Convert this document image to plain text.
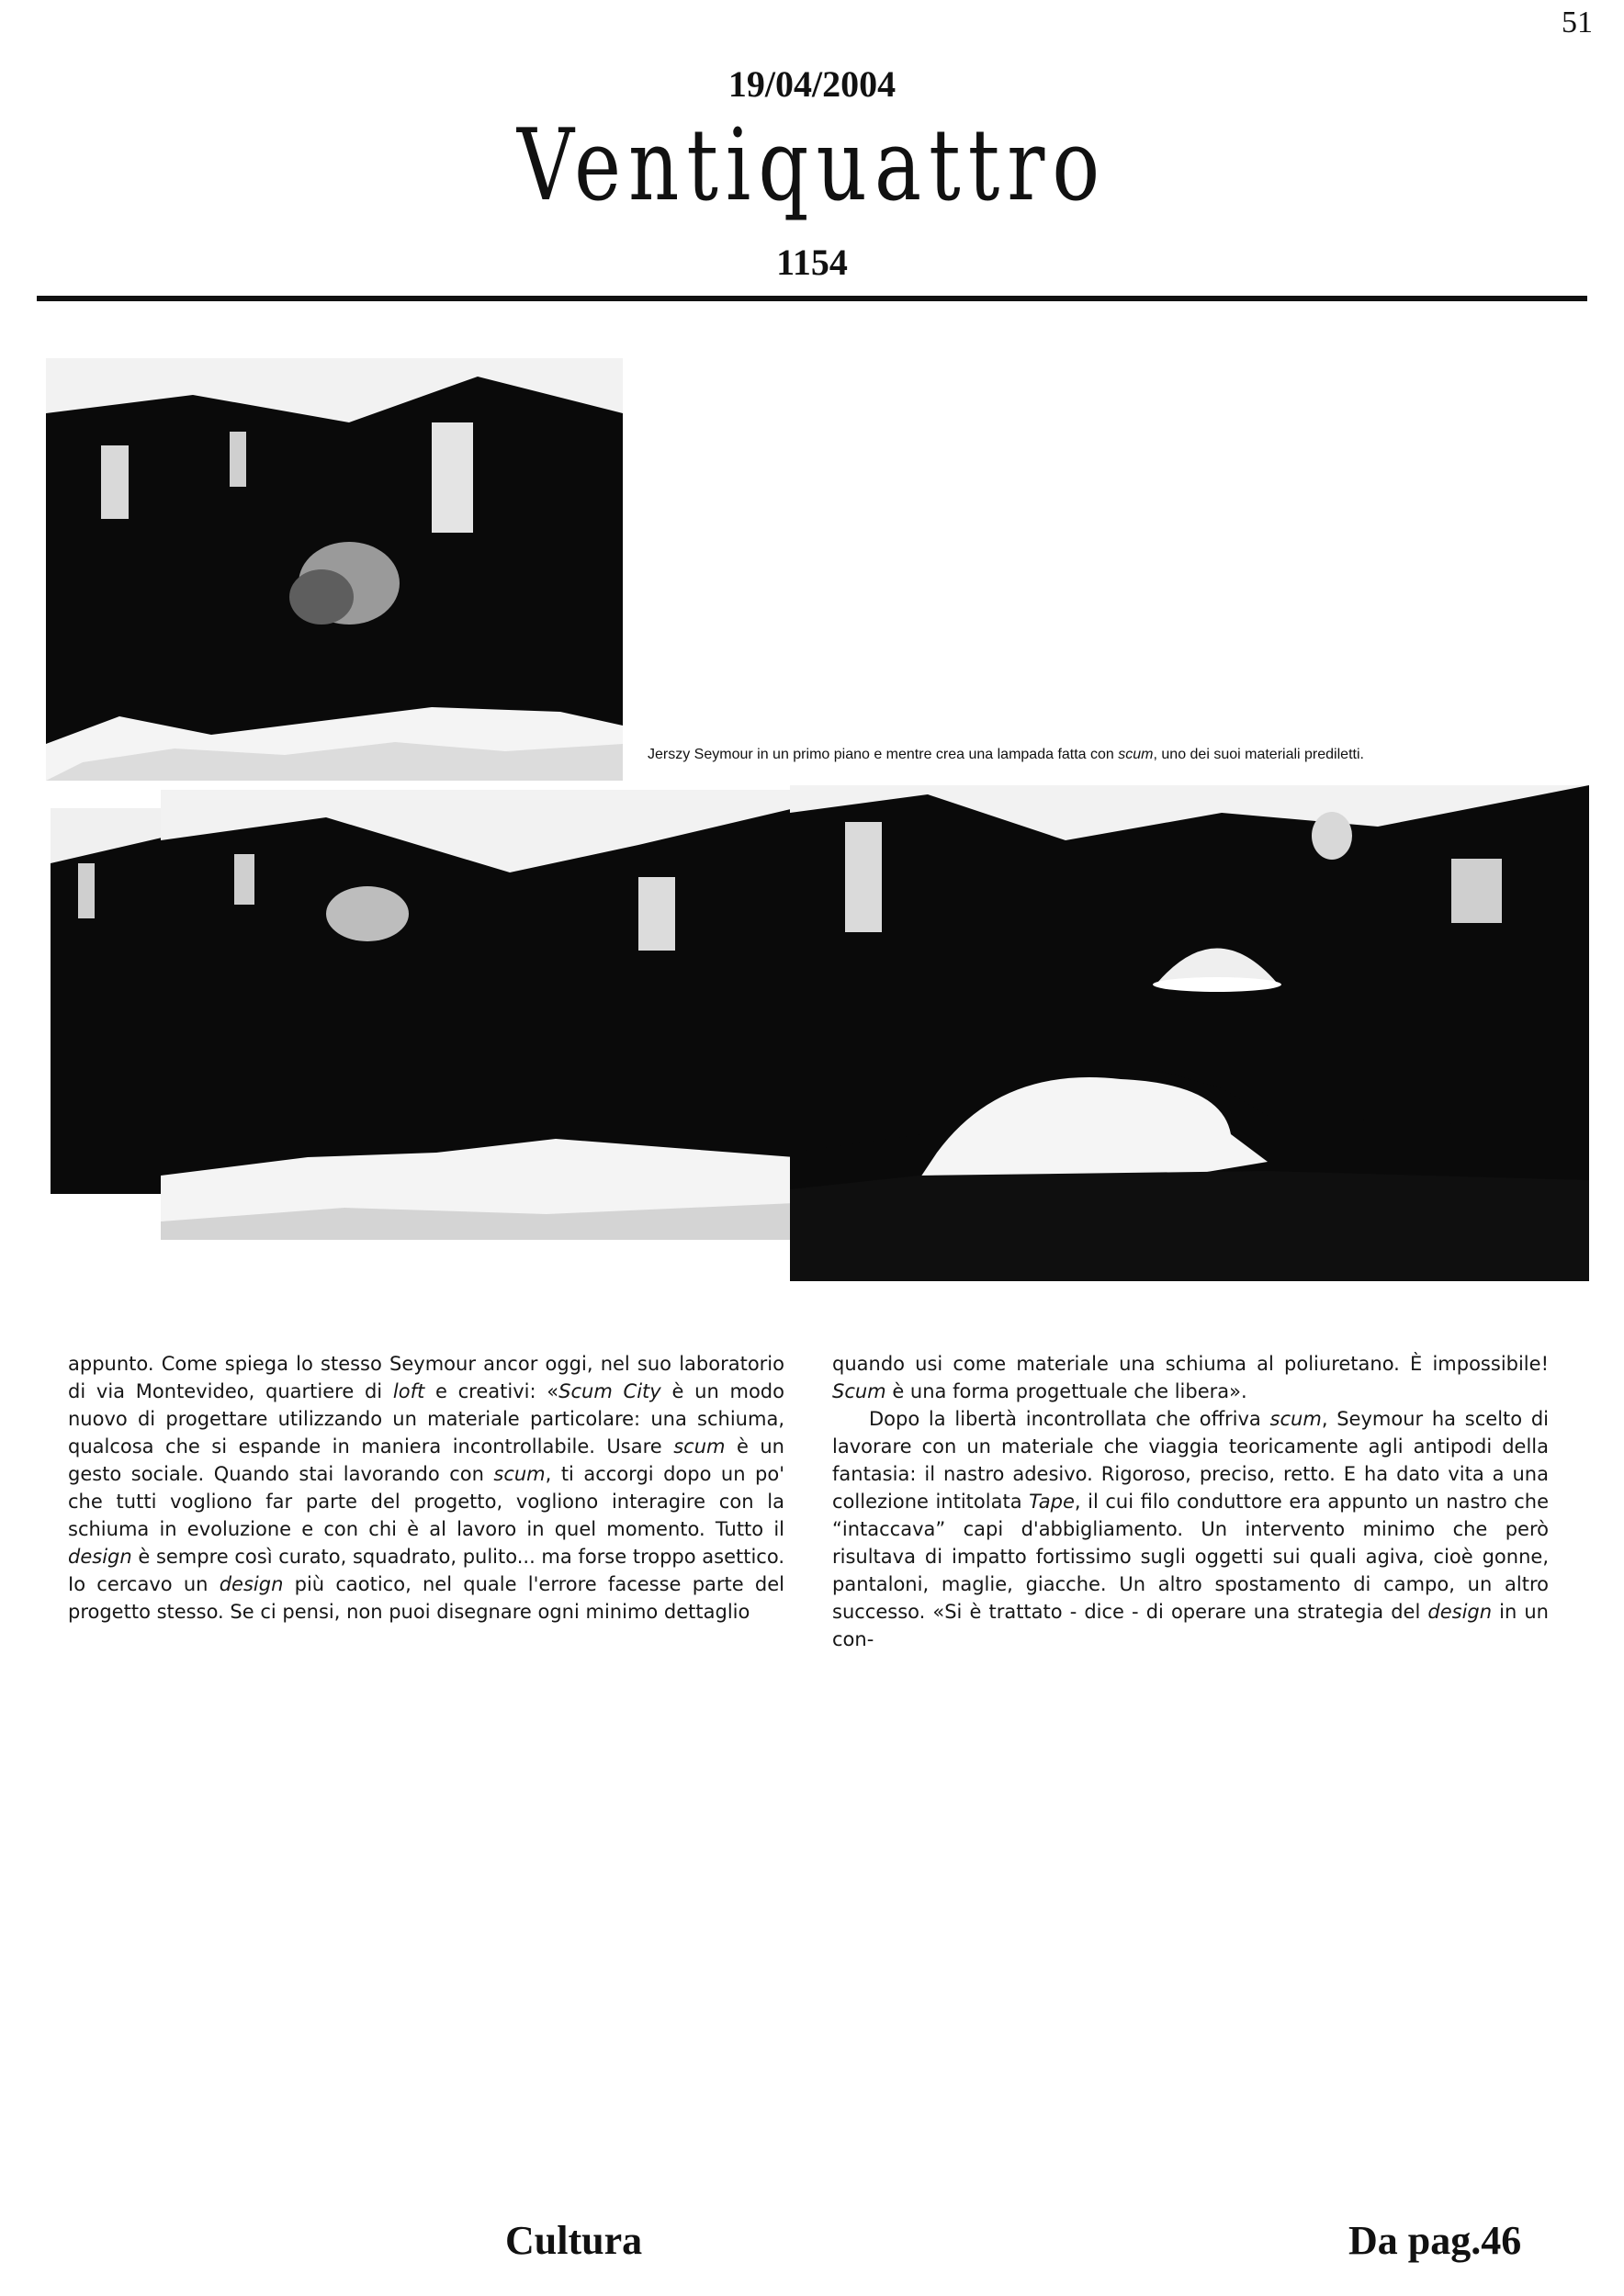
51
19/04/2004
Ventiquattro
1154
Jerszy Seymour in un primo piano e mentre crea una lampada fatta con scum, uno dei suoi materiali prediletti.

appunto. Come spiega lo stesso Seymour ancor oggi, nel suo laboratorio di via Montevideo, quartiere di loft e creativi: «Scum City è un modo nuovo di progettare utilizzando un materiale particolare: una schiuma, qualcosa che si espande in maniera incontrollabile. Usare scum è un gesto sociale. Quando stai lavorando con scum, ti accorgi dopo un po' che tutti vogliono far parte del progetto, vogliono interagire con la schiuma in evoluzione e con chi è al lavoro in quel momento. Tutto il design è sempre così curato, squadrato, pulito... ma forse troppo asettico. Io cercavo un design più caotico, nel quale l'errore facesse parte del progetto stesso. Se ci pensi, non puoi disegnare ogni minimo dettaglio

quando usi come materiale una schiuma al poliuretano. È impossibile! Scum è una forma progettuale che libera».

Dopo la libertà incontrollata che offriva scum, Seymour ha scelto di lavorare con un materiale che viaggia teoricamente agli antipodi della fantasia: il nastro adesivo. Rigoroso, preciso, retto. E ha dato vita a una collezione intitolata Tape, il cui filo conduttore era appunto un nastro che “intaccava” capi d'abbigliamento. Un intervento minimo che però risultava di impatto fortissimo sugli oggetti sui quali agiva, cioè gonne, pantaloni, maglie, giacche. Un altro spostamento di campo, un altro successo. «Si è trattato - dice - di operare una strategia del design in un con-

Cultura	Da pag.46
